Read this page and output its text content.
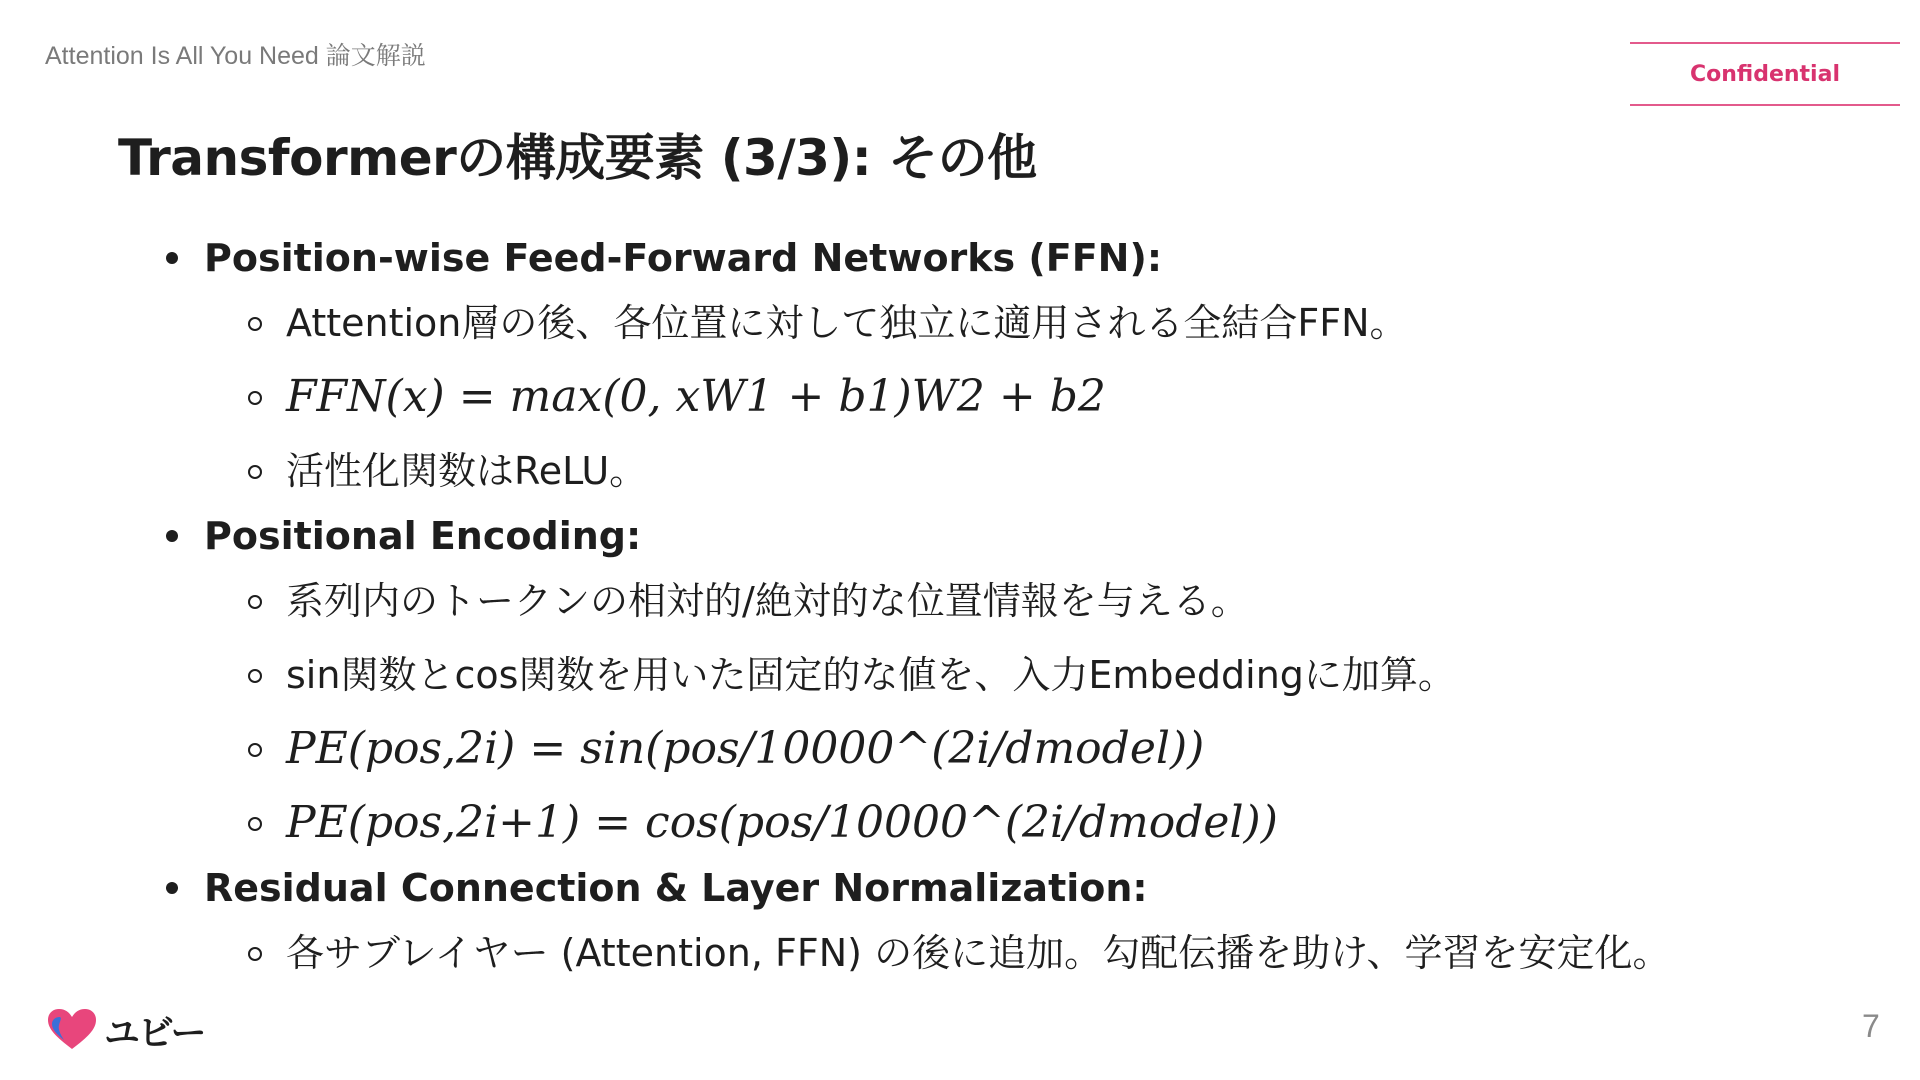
Attention Is All You Need 論文解説
Confidential
Transformerの構成要素 (3/3): その他
Position-wise Feed-Forward Networks (FFN):
Attention層の後、各位置に対して独立に適用される全結合FFN。
FFN(x) = max(0, xW1 + b1)W2 + b2
活性化関数はReLU。
Positional Encoding:
系列内のトークンの相対的/絶対的な位置情報を与える。
sin関数とcos関数を用いた固定的な値を、入力Embeddingに加算。
PE(pos,2i) = sin(pos/10000^(2i/dmodel))
PE(pos,2i+1) = cos(pos/10000^(2i/dmodel))
Residual Connection & Layer Normalization:
各サブレイヤー (Attention, FFN) の後に追加。勾配伝播を助け、学習を安定化。
ユビー	7
